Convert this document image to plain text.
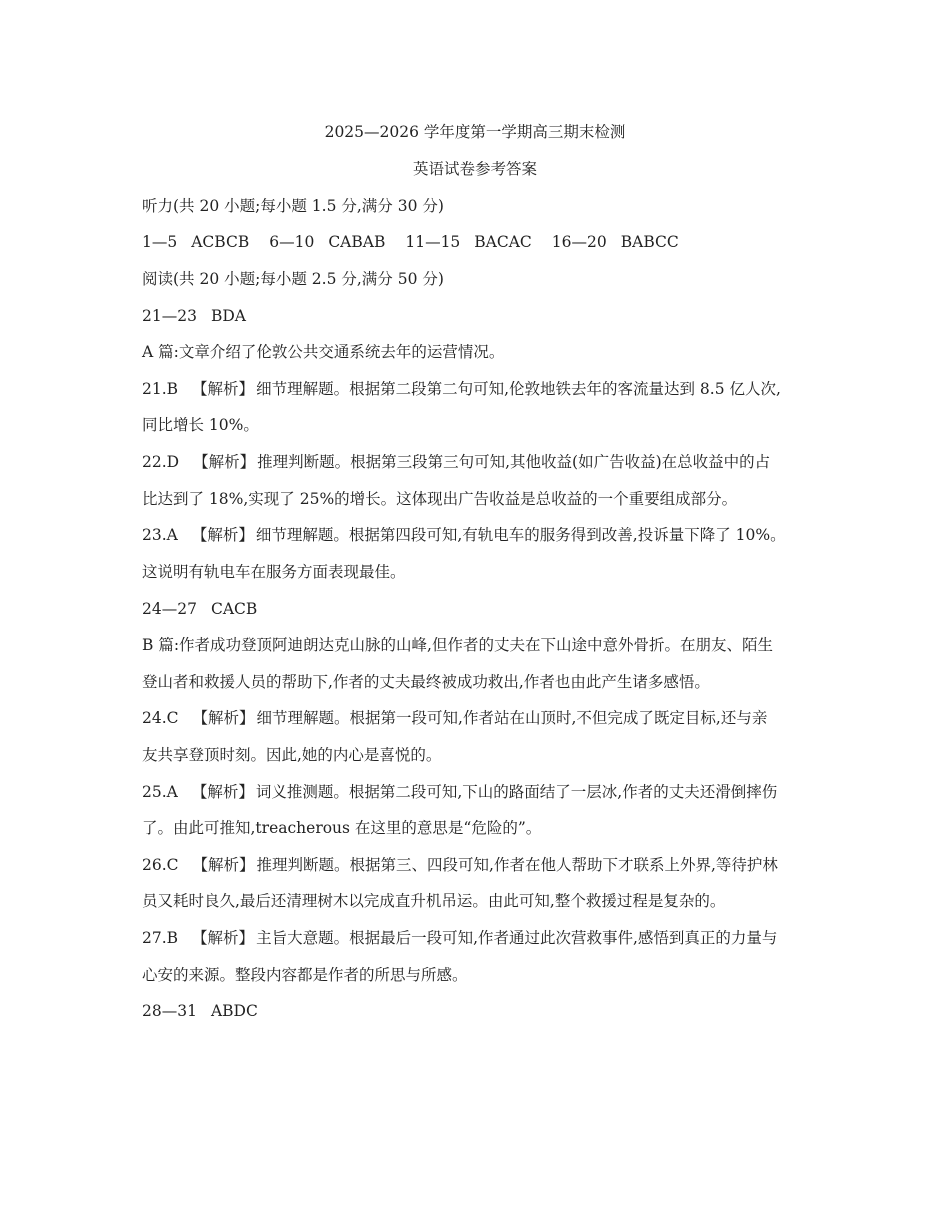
2025—2026 学年度第一学期高三期末检测
英语试卷参考答案
听力(共 20 小题;每小题 1.5 分,满分 30 分)
1—5 ACBCB 6—10 CABAB 11—15 BACAC 16—20 BABCC
阅读(共 20 小题;每小题 2.5 分,满分 50 分)
21—23 BDA
A 篇:文章介绍了伦敦公共交通系统去年的运营情况。
21.B 【解析】 细节理解题。根据第二段第二句可知,伦敦地铁去年的客流量达到 8.5 亿人次,
同比增长 10%。
22.D 【解析】 推理判断题。根据第三段第三句可知,其他收益(如广告收益)在总收益中的占
比达到了 18%,实现了 25%的增长。这体现出广告收益是总收益的一个重要组成部分。
23.A 【解析】 细节理解题。根据第四段可知,有轨电车的服务得到改善,投诉量下降了 10%。
这说明有轨电车在服务方面表现最佳。
24—27 CACB
B 篇:作者成功登顶阿迪朗达克山脉的山峰,但作者的丈夫在下山途中意外骨折。在朋友、陌生
登山者和救援人员的帮助下,作者的丈夫最终被成功救出,作者也由此产生诸多感悟。
24.C 【解析】 细节理解题。根据第一段可知,作者站在山顶时,不但完成了既定目标,还与亲
友共享登顶时刻。因此,她的内心是喜悦的。
25.A 【解析】 词义推测题。根据第二段可知,下山的路面结了一层冰,作者的丈夫还滑倒摔伤
了。由此可推知,treacherous 在这里的意思是“危险的”。
26.C 【解析】 推理判断题。根据第三、四段可知,作者在他人帮助下才联系上外界,等待护林
员又耗时良久,最后还清理树木以完成直升机吊运。由此可知,整个救援过程是复杂的。
27.B 【解析】 主旨大意题。根据最后一段可知,作者通过此次营救事件,感悟到真正的力量与
心安的来源。整段内容都是作者的所思与所感。
28—31 ABDC
